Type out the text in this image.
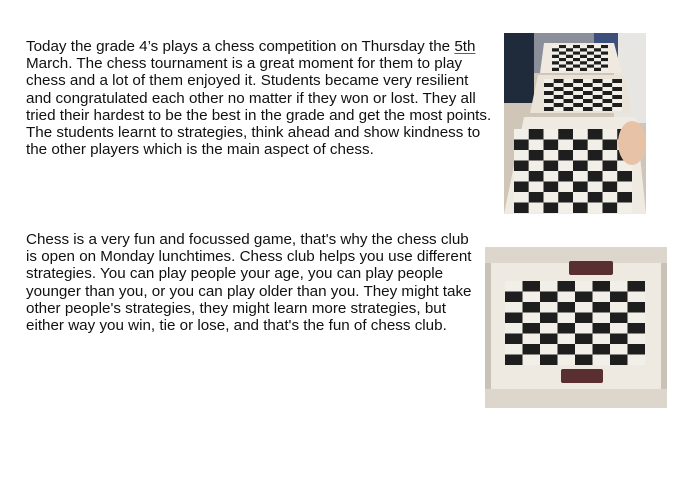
Today the grade 4’s plays a chess competition on Thursday the 5th March. The chess tournament is a great moment for them to play chess and a lot of them enjoyed it. Students became very resilient and congratulated each other no matter if they won or lost. They all tried their hardest to be the best in the grade and get the most points. The students learnt to strategies, think ahead and show kindness to the other players which is the main aspect of chess.

Chess is a very fun and focussed game, that's why the chess club is open on Monday lunchtimes. Chess club helps you use different strategies. You can play people your age, you can play people younger than you, or you can play older than you. They might take other people's strategies, they might learn more strategies, but either way you win, tie or lose, and that's the fun of chess club.
